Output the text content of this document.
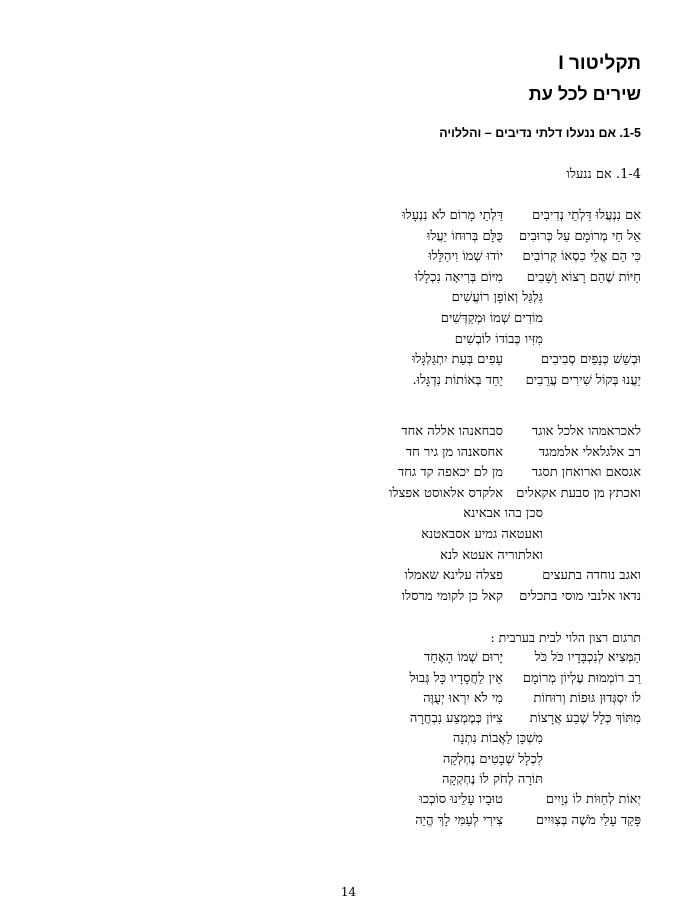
תקליטור I
שירים לכל עת
1-5. אם ננעלו דלתי נדיבים – והללויה
1-4. אם ננעלו
אִם נִנְעֲלוּ דַּלְתֵי נְדִיבִים
דַּלְתֵי מָרוֹם לֹא נִנְעָלוּ
אֵל חַי מְרוֹמָם עַל כְּרוּבִים
כֻּלָּם בְּרוּחוֹ יַעֲלוּ
כִּי הֵם אֱלֵי כִסְאוֹ קְרוֹבִים
יוֹדוּ שְׁמוֹ וִיהַלֵּלוּ
חַיּוֹת שֶׁהֵם רָצוֹא וָשָׁבִים
מִיּוֹם בְּרִיאָה נִכְלָלוּ
גַּלְגַּל וְאוֹפָן רוֹעֲשִׁים
מוֹדִים שְׁמוֹ וּמְקַדְּשִׁים
מִזִּיו כְּבוֹדוֹ לוֹבְשִׁים
וּבְשֵׁשׁ כְּנָפַיִם סְבִיבִים
עָפִים בְּעֵת יִתְגַּלְגָּלוּ
יַעֲנוּ בְּקוֹל שִׁירִים עֲרֵבִים
יַחַד בְּאוֹתוֹת נִדְגָּלוּ.
לאכראמהו אלכל אוגד
סבחאנהו אללה אחד
רב אלגלאלי אלממגד
אחסאנהו מן גיר חד
אגסאם וארואחן תסגד
מן לם יכאפה קד גחד
ואכתץ מן סבעת אקאלים
אלקדס אלאוסט אפצלו
סכן בהו אבאינא
ואעטאה גמיע אסבאטנא
ואלתוריה אעטא לנא
ואגב נוחדה בתעצים
פצלה עלינא שאמלו
נדאו אלנבי מוסי בתכלים
קאל כן לקומי מרסלו
תרגום רצון הלוי לבית בערבית :
הַמְּצִיא לְנִכְבָּדָיו כֹּל כֹּל
יָרוּם שְׁמוֹ הָאֶחָד
רַב רוֹמְמוּת עֶלְיוֹן מְרוֹמָם
אֵין לַחֲסָדָיו כָּל גְּבוּל
לוֹ יִסְגְּדוּן גּוּפוֹת וְרוּחוֹת
מִי לֹא יִרְאוּ יְעֻוֶּה
מִתּוֹךְ כְּלָל שֶׁבַע אֲרָצוֹת
צִיּוֹן כְּמֶמְצַע נִבְחֲרָה
מִשְׁכָּן לַאֲבוֹת נִתְנָה
לִכְלָל שְׁבָטִים נֶחְלְקָה
תּוֹרָה לְחֹק לוֹ נֶחְקְקָה
יְאוֹת לְחַוּוֹת לוֹ נְוָיִים
טוּבָיו עָלֵינוּ סוֹכְכוּ
פָּקַד עָלַי מֹשֶׁה בְּצִוּיִים
צִירִי לְעַמִּי לָךְ הֱיֵה
14
